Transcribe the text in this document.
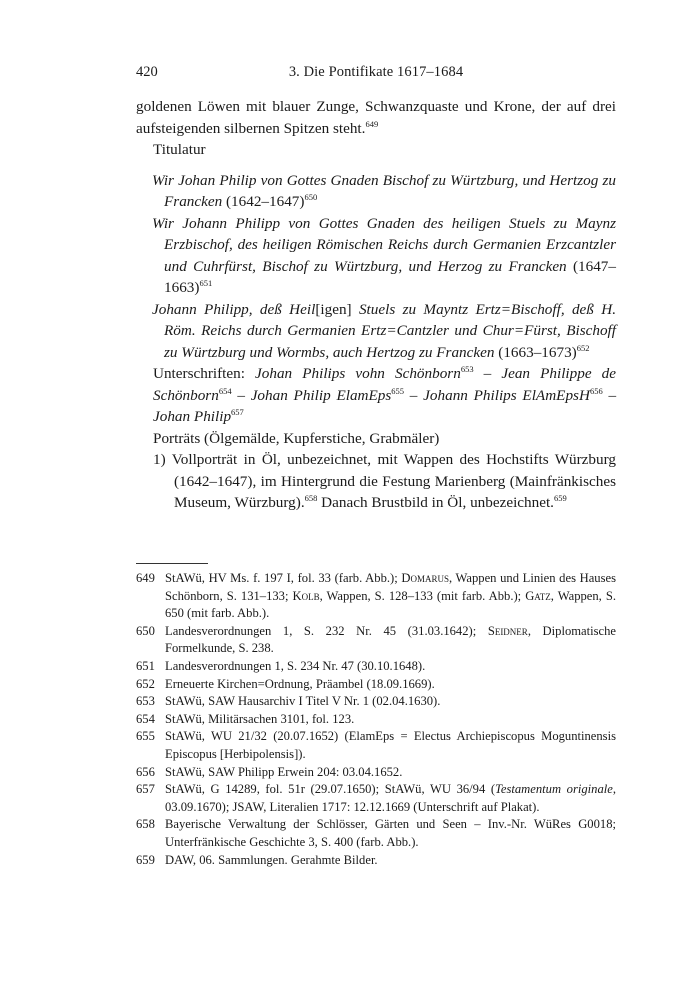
420	3. Die Pontifikate 1617–1684

goldenen Löwen mit blauer Zunge, Schwanzquaste und Krone, der auf drei aufsteigenden silbernen Spitzen steht.$^{649}$

Titulatur

Wir Johan Philip von Gottes Gnaden Bischof zu Würtzburg, und Hertzog zu Francken (1642–1647)$^{650}$

Wir Johann Philipp von Gottes Gnaden des heiligen Stuels zu Maynz Erzbischof, des heiligen Römischen Reichs durch Germanien Erzcantzler und Cuhrfürst, Bischof zu Würtzburg, und Herzog zu Francken (1647–1663)$^{651}$

Johann Philipp, deß Heil[igen] Stuels zu Mayntz Ertz=Bischoff, deß H. Röm. Reichs durch Germanien Ertz=Cantzler und Chur=Fürst, Bischoff zu Würtzburg und Wormbs, auch Hertzog zu Francken (1663–1673)$^{652}$

Unterschriften: Johan Philips vohn Schönborn$^{653}$ – Jean Philippe de Schönborn$^{654}$ – Johan Philip ElamEps$^{655}$ – Johann Philips ElAmEpsH$^{656}$ – Johan Philip$^{657}$

Porträts (Ölgemälde, Kupferstiche, Grabmäler)

1) Vollporträt in Öl, unbezeichnet, mit Wappen des Hochstifts Würzburg (1642–1647), im Hintergrund die Festung Marienberg (Mainfränkisches Museum, Würzburg).$^{658}$ Danach Brustbild in Öl, unbezeichnet.$^{659}$

649 StAWü, HV Ms. f. 197 I, fol. 33 (farb. Abb.); Domarus, Wappen und Linien des Hauses Schönborn, S. 131–133; Kolb, Wappen, S. 128–133 (mit farb. Abb.); Gatz, Wappen, S. 650 (mit farb. Abb.).
650 Landesverordnungen 1, S. 232 Nr. 45 (31.03.1642); Seidner, Diplomatische Formelkunde, S. 238.
651 Landesverordnungen 1, S. 234 Nr. 47 (30.10.1648).
652 Erneuerte Kirchen=Ordnung, Präambel (18.09.1669).
653 StAWü, SAW Hausarchiv I Titel V Nr. 1 (02.04.1630).
654 StAWü, Militärsachen 3101, fol. 123.
655 StAWü, WU 21/32 (20.07.1652) (ElamEps = Electus Archiepiscopus Moguntinensis Episcopus [Herbipolensis]).
656 StAWü, SAW Philipp Erwein 204: 03.04.1652.
657 StAWü, G 14289, fol. 51r (29.07.1650); StAWü, WU 36/94 (Testamentum originale, 03.09.1670); JSAW, Literalien 1717: 12.12.1669 (Unterschrift auf Plakat).
658 Bayerische Verwaltung der Schlösser, Gärten und Seen – Inv.-Nr. WüRes G0018; Unterfränkische Geschichte 3, S. 400 (farb. Abb.).
659 DAW, 06. Sammlungen. Gerahmte Bilder.
